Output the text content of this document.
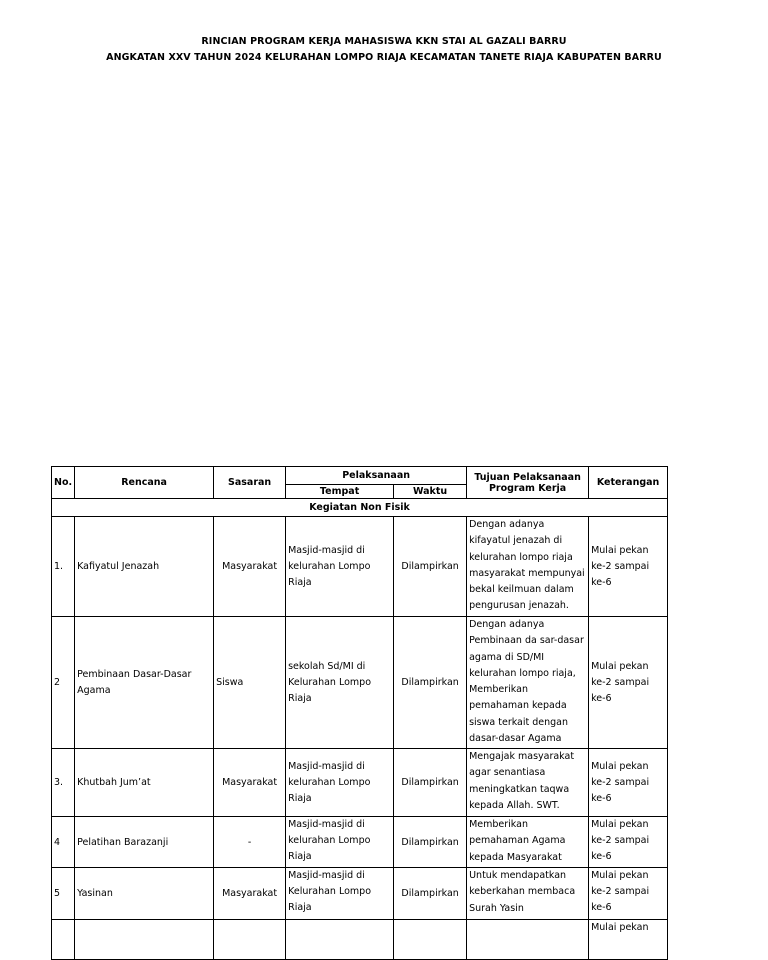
RINCIAN PROGRAM KERJA MAHASISWA KKN STAI AL GAZALI BARRU
ANGKATAN XXV TAHUN 2024 KELURAHAN LOMPO RIAJA KECAMATAN TANETE RIAJA KABUPATEN BARRU
No.	Rencana	Sasaran	Pelaksanaan		Tujuan Pelaksanaan Program Kerja	Keterangan
			Tempat	Waktu		
Kegiatan Non Fisik						
1.	Kafiyatul Jenazah	Masyarakat	Masjid-masjid di kelurahan Lompo Riaja	Dilampirkan	Dengan adanya kifayatul jenazah di kelurahan lompo riaja masyarakat mempunyai bekal keilmuan dalam pengurusan jenazah.	Mulai pekan ke-2 sampai ke-6
2	Pembinaan Dasar-Dasar Agama	Siswa	sekolah Sd/MI di Kelurahan Lompo Riaja	Dilampirkan	Dengan adanya Pembinaan da sar-dasar agama di SD/MI kelurahan lompo riaja, Memberikan pemahaman kepada siswa terkait dengan dasar-dasar Agama	Mulai pekan ke-2 sampai ke-6
3.	Khutbah Jum’at	Masyarakat	Masjid-masjid di kelurahan Lompo Riaja	Dilampirkan	Mengajak masyarakat agar senantiasa meningkatkan taqwa kepada Allah. SWT.	Mulai pekan ke-2 sampai ke-6
4	Pelatihan Barazanji	-	Masjid-masjid di kelurahan Lompo Riaja	Dilampirkan	Memberikan pemahaman Agama kepada Masyarakat	Mulai pekan ke-2 sampai ke-6
5	Yasinan	Masyarakat	Masjid-masjid di Kelurahan Lompo Riaja	Dilampirkan	Untuk mendapatkan keberkahan membaca Surah Yasin	Mulai pekan ke-2 sampai ke-6
						Mulai pekan
